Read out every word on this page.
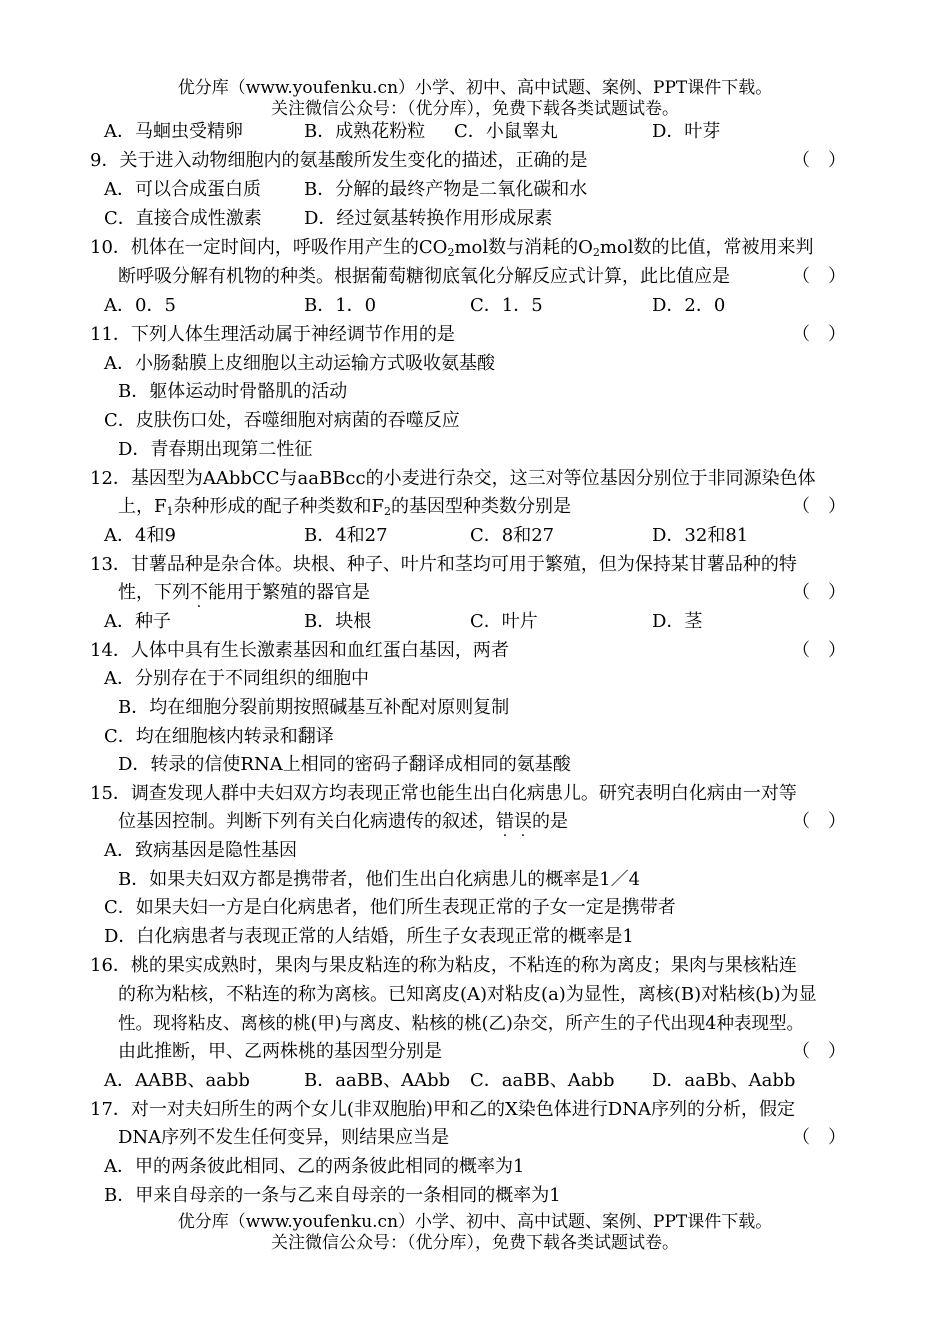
优分库（www.youfenku.cn）小学、初中、高中试题、案例、PPT课件下载。
关注微信公众号：（优分库），免费下载各类试题试卷。
A．马蛔虫受精卵	B．成熟花粉粒 C．小鼠睾丸	D．叶芽
9．关于进入动物细胞内的氨基酸所发生变化的描述，正确的是	（　）
A．可以合成蛋白质 B．分解的最终产物是二氧化碳和水
C．直接合成性激素 D．经过氨基转换作用形成尿素
10．机体在一定时间内，呼吸作用产生的$CO_2mol$数与消耗的$O_2mol$数的比值，常被用来判
断呼吸分解有机物的种类。根据葡萄糖彻底氧化分解反应式计算，此比值应是	（　）
A．0．5	B．1．0	C．1．5	D．2．0
11．下列人体生理活动属于神经调节作用的是	（　）
A．小肠黏膜上皮细胞以主动运输方式吸收氨基酸
B．躯体运动时骨骼肌的活动
C．皮肤伤口处，吞噬细胞对病菌的吞噬反应
D．青春期出现第二性征
12．基因型为AAbbCC与aaBBcc的小麦进行杂交，这三对等位基因分别位于非同源染色体
上，$F_1$杂种形成的配子种类数和$F_2$的基因型种类数分别是	（　）
A．4和9	B．4和27	C．8和27	D．32和81
13．甘薯品种是杂合体。块根、种子、叶片和茎均可用于繁殖，但为保持某甘薯品种的特
性，下列不能用于繁殖的器官是	（　）
A．种子	B．块根	C．叶片	D．茎
14．人体中具有生长激素基因和血红蛋白基因，两者	（　）
A．分别存在于不同组织的细胞中
B．均在细胞分裂前期按照碱基互补配对原则复制
C．均在细胞核内转录和翻译
D．转录的信使RNA上相同的密码子翻译成相同的氨基酸
15．调查发现人群中夫妇双方均表现正常也能生出白化病患儿。研究表明白化病由一对等
位基因控制。判断下列有关白化病遗传的叙述，错误的是	（　）
A．致病基因是隐性基因
B．如果夫妇双方都是携带者，他们生出白化病患儿的概率是1／4
C．如果夫妇一方是白化病患者，他们所生表现正常的子女一定是携带者
D．白化病患者与表现正常的人结婚，所生子女表现正常的概率是1
16．桃的果实成熟时，果肉与果皮粘连的称为粘皮，不粘连的称为离皮；果肉与果核粘连
的称为粘核，不粘连的称为离核。已知离皮(A)对粘皮(a)为显性，离核(B)对粘核(b)为显
性。现将粘皮、离核的桃(甲)与离皮、粘核的桃(乙)杂交，所产生的子代出现4种表现型。
由此推断，甲、乙两株桃的基因型分别是	（　）
A．AABB、aabb	B．aaBB、AAbb C．aaBB、Aabb D．aaBb、Aabb
17．对一对夫妇所生的两个女儿(非双胞胎)甲和乙的X染色体进行DNA序列的分析，假定
DNA序列不发生任何变异，则结果应当是	（　）
A．甲的两条彼此相同、乙的两条彼此相同的概率为1
B．甲来自母亲的一条与乙来自母亲的一条相同的概率为1
优分库（www.youfenku.cn）小学、初中、高中试题、案例、PPT课件下载。
关注微信公众号：（优分库），免费下载各类试题试卷。
